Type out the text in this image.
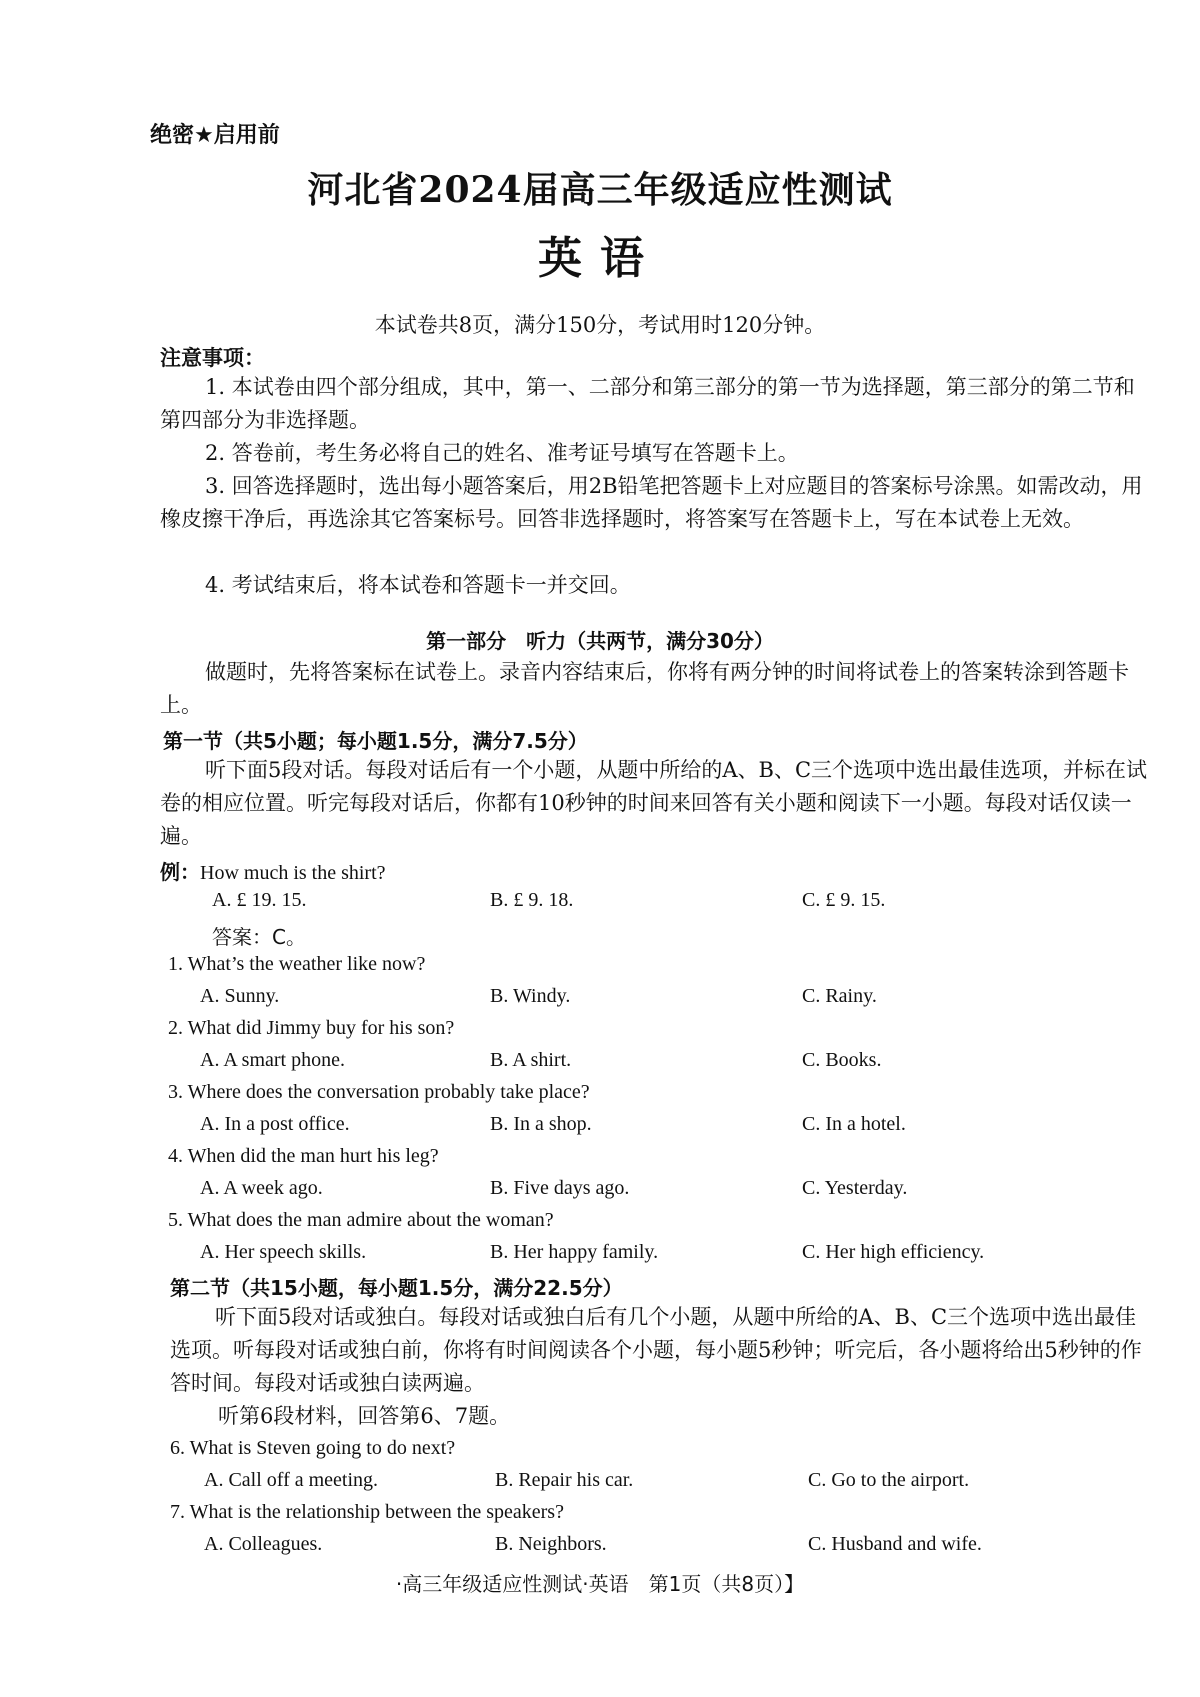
绝密★启用前
河北省2024届高三年级适应性测试
英语
本试卷共8页，满分150分，考试用时120分钟。
注意事项：
1. 本试卷由四个部分组成，其中，第一、二部分和第三部分的第一节为选择题，第三部分的第二节和第四部分为非选择题。
2. 答卷前，考生务必将自己的姓名、准考证号填写在答题卡上。
3. 回答选择题时，选出每小题答案后，用2B铅笔把答题卡上对应题目的答案标号涂黑。如需改动，用橡皮擦干净后，再选涂其它答案标号。回答非选择题时，将答案写在答题卡上，写在本试卷上无效。
4. 考试结束后，将本试卷和答题卡一并交回。
第一部分　听力（共两节，满分30分）
做题时，先将答案标在试卷上。录音内容结束后，你将有两分钟的时间将试卷上的答案转涂到答题卡上。
第一节（共5小题；每小题1.5分，满分7.5分）
听下面5段对话。每段对话后有一个小题，从题中所给的A、B、C三个选项中选出最佳选项，并标在试卷的相应位置。听完每段对话后，你都有10秒钟的时间来回答有关小题和阅读下一小题。每段对话仅读一遍。
例：How much is the shirt?
A. £ 19. 15.	B. £ 9. 18.	C. £ 9. 15.
答案：C。
1. What’s the weather like now?
A. Sunny.	B. Windy.	C. Rainy.
2. What did Jimmy buy for his son?
A. A smart phone.	B. A shirt.	C. Books.
3. Where does the conversation probably take place?
A. In a post office.	B. In a shop.	C. In a hotel.
4. When did the man hurt his leg?
A. A week ago.	B. Five days ago.	C. Yesterday.
5. What does the man admire about the woman?
A. Her speech skills.	B. Her happy family.	C. Her high efficiency.
第二节（共15小题，每小题1.5分，满分22.5分）
听下面5段对话或独白。每段对话或独白后有几个小题，从题中所给的A、B、C三个选项中选出最佳选项。听每段对话或独白前，你将有时间阅读各个小题，每小题5秒钟；听完后，各小题将给出5秒钟的作答时间。每段对话或独白读两遍。
听第6段材料，回答第6、7题。
6. What is Steven going to do next?
A. Call off a meeting.	B. Repair his car.	C. Go to the airport.
7. What is the relationship between the speakers?
A. Colleagues.	B. Neighbors.	C. Husband and wife.
·高三年级适应性测试·英语　第1页（共8页）】
